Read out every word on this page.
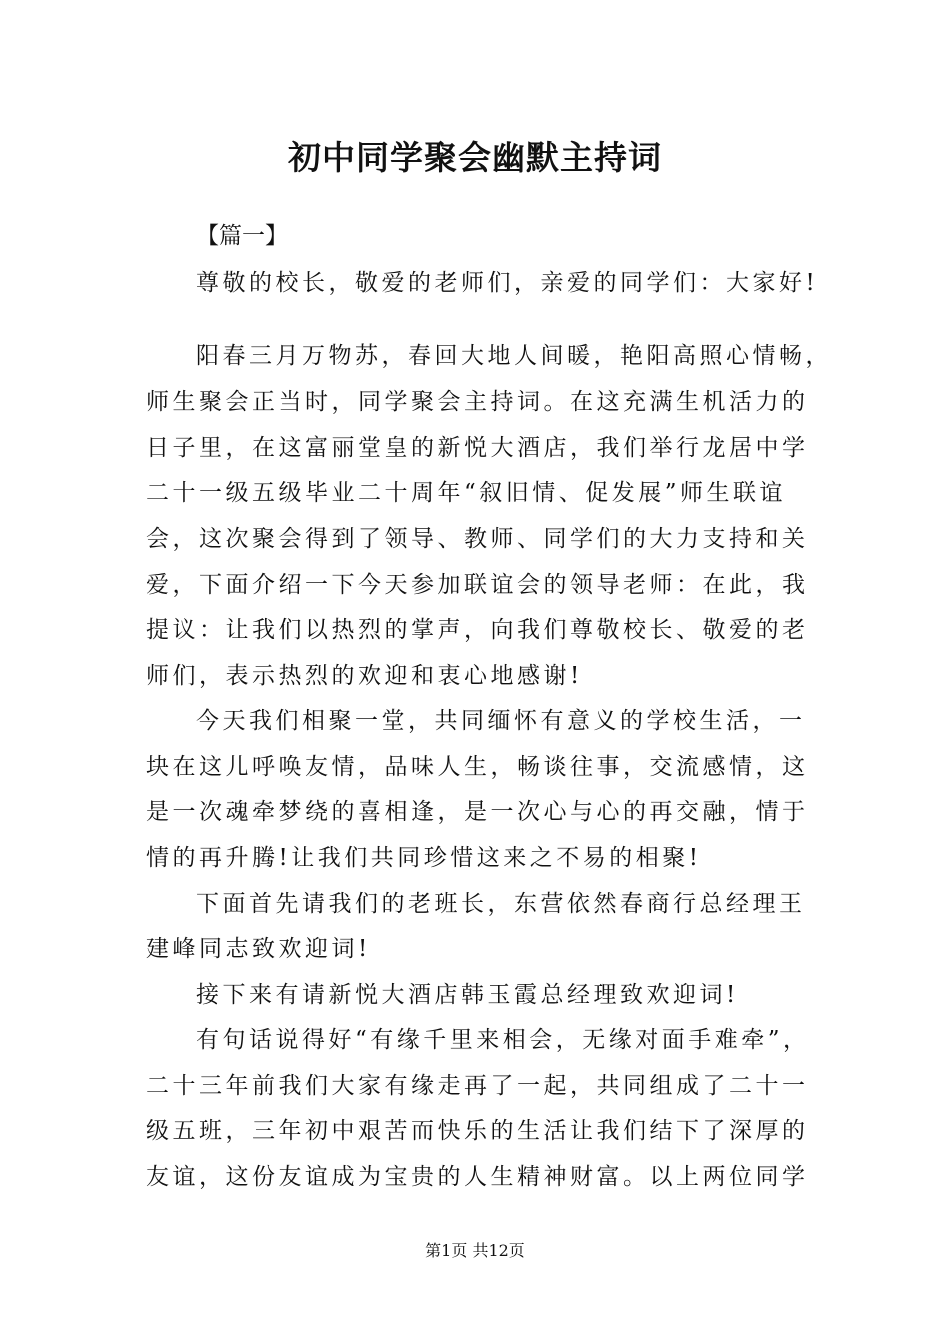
初中同学聚会幽默主持词
【篇一】
尊敬的校长，敬爱的老师们，亲爱的同学们：大家好!
阳春三月万物苏，春回大地人间暖，艳阳高照心情畅，
师生聚会正当时，同学聚会主持词。在这充满生机活力的
日子里，在这富丽堂皇的新悦大酒店，我们举行龙居中学
二十一级五级毕业二十周年“叙旧情、促发展”师生联谊
会，这次聚会得到了领导、教师、同学们的大力支持和关
爱，下面介绍一下今天参加联谊会的领导老师：在此，我
提议：让我们以热烈的掌声，向我们尊敬校长、敬爱的老
师们，表示热烈的欢迎和衷心地感谢!
今天我们相聚一堂，共同缅怀有意义的学校生活，一
块在这儿呼唤友情，品味人生，畅谈往事，交流感情，这
是一次魂牵梦绕的喜相逢，是一次心与心的再交融，情于
情的再升腾!让我们共同珍惜这来之不易的相聚!
下面首先请我们的老班长，东营依然春商行总经理王
建峰同志致欢迎词!
接下来有请新悦大酒店韩玉霞总经理致欢迎词!
有句话说得好“有缘千里来相会，无缘对面手难牵”，
二十三年前我们大家有缘走再了一起，共同组成了二十一
级五班，三年初中艰苦而快乐的生活让我们结下了深厚的
友谊，这份友谊成为宝贵的人生精神财富。以上两位同学
第1页 共12页
